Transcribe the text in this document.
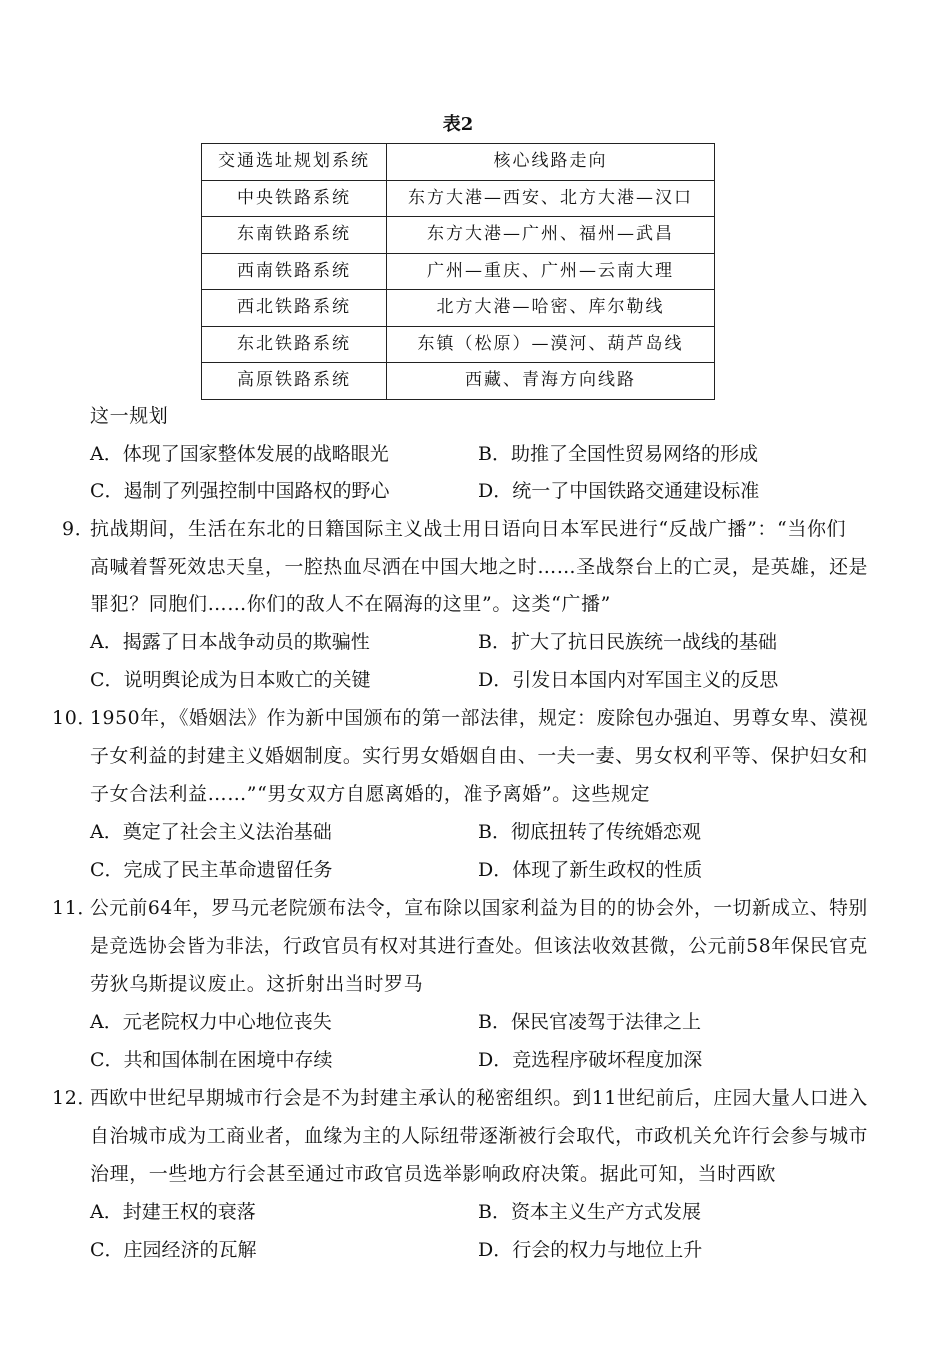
表2
交通选址规划系统	核心线路走向
中央铁路系统	东方大港—西安、北方大港—汉口
东南铁路系统	东方大港—广州、福州—武昌
西南铁路系统	广州—重庆、广州—云南大理
西北铁路系统	北方大港—哈密、库尔勒线
东北铁路系统	东镇（松原）—漠河、葫芦岛线
高原铁路系统	西藏、青海方向线路
这一规划
A．体现了国家整体发展的战略眼光	B．助推了全国性贸易网络的形成
C．遏制了列强控制中国路权的野心	D．统一了中国铁路交通建设标准
9．
抗战期间，生活在东北的日籍国际主义战士用日语向日本军民进行“反战广播”：“当你们
高喊着誓死效忠天皇，一腔热血尽洒在中国大地之时……圣战祭台上的亡灵，是英雄，还是
罪犯？同胞们……你们的敌人不在隔海的这里”。这类“广播”
A．揭露了日本战争动员的欺骗性	B．扩大了抗日民族统一战线的基础
C．说明舆论成为日本败亡的关键	D．引发日本国内对军国主义的反思
10．
1950年，《婚姻法》作为新中国颁布的第一部法律，规定：废除包办强迫、男尊女卑、漠视
子女利益的封建主义婚姻制度。实行男女婚姻自由、一夫一妻、男女权利平等、保护妇女和
子女合法利益……”“男女双方自愿离婚的，准予离婚”。这些规定
A．奠定了社会主义法治基础	B．彻底扭转了传统婚恋观
C．完成了民主革命遗留任务	D．体现了新生政权的性质
11．
公元前64年，罗马元老院颁布法令，宣布除以国家利益为目的的协会外，一切新成立、特别
是竞选协会皆为非法，行政官员有权对其进行查处。但该法收效甚微，公元前58年保民官克
劳狄乌斯提议废止。这折射出当时罗马
A．元老院权力中心地位丧失	B．保民官凌驾于法律之上
C．共和国体制在困境中存续	D．竞选程序破坏程度加深
12．
西欧中世纪早期城市行会是不为封建主承认的秘密组织。到11世纪前后，庄园大量人口进入
自治城市成为工商业者，血缘为主的人际纽带逐渐被行会取代，市政机关允许行会参与城市
治理，一些地方行会甚至通过市政官员选举影响政府决策。据此可知，当时西欧
A．封建王权的衰落	B．资本主义生产方式发展
C．庄园经济的瓦解	D．行会的权力与地位上升
